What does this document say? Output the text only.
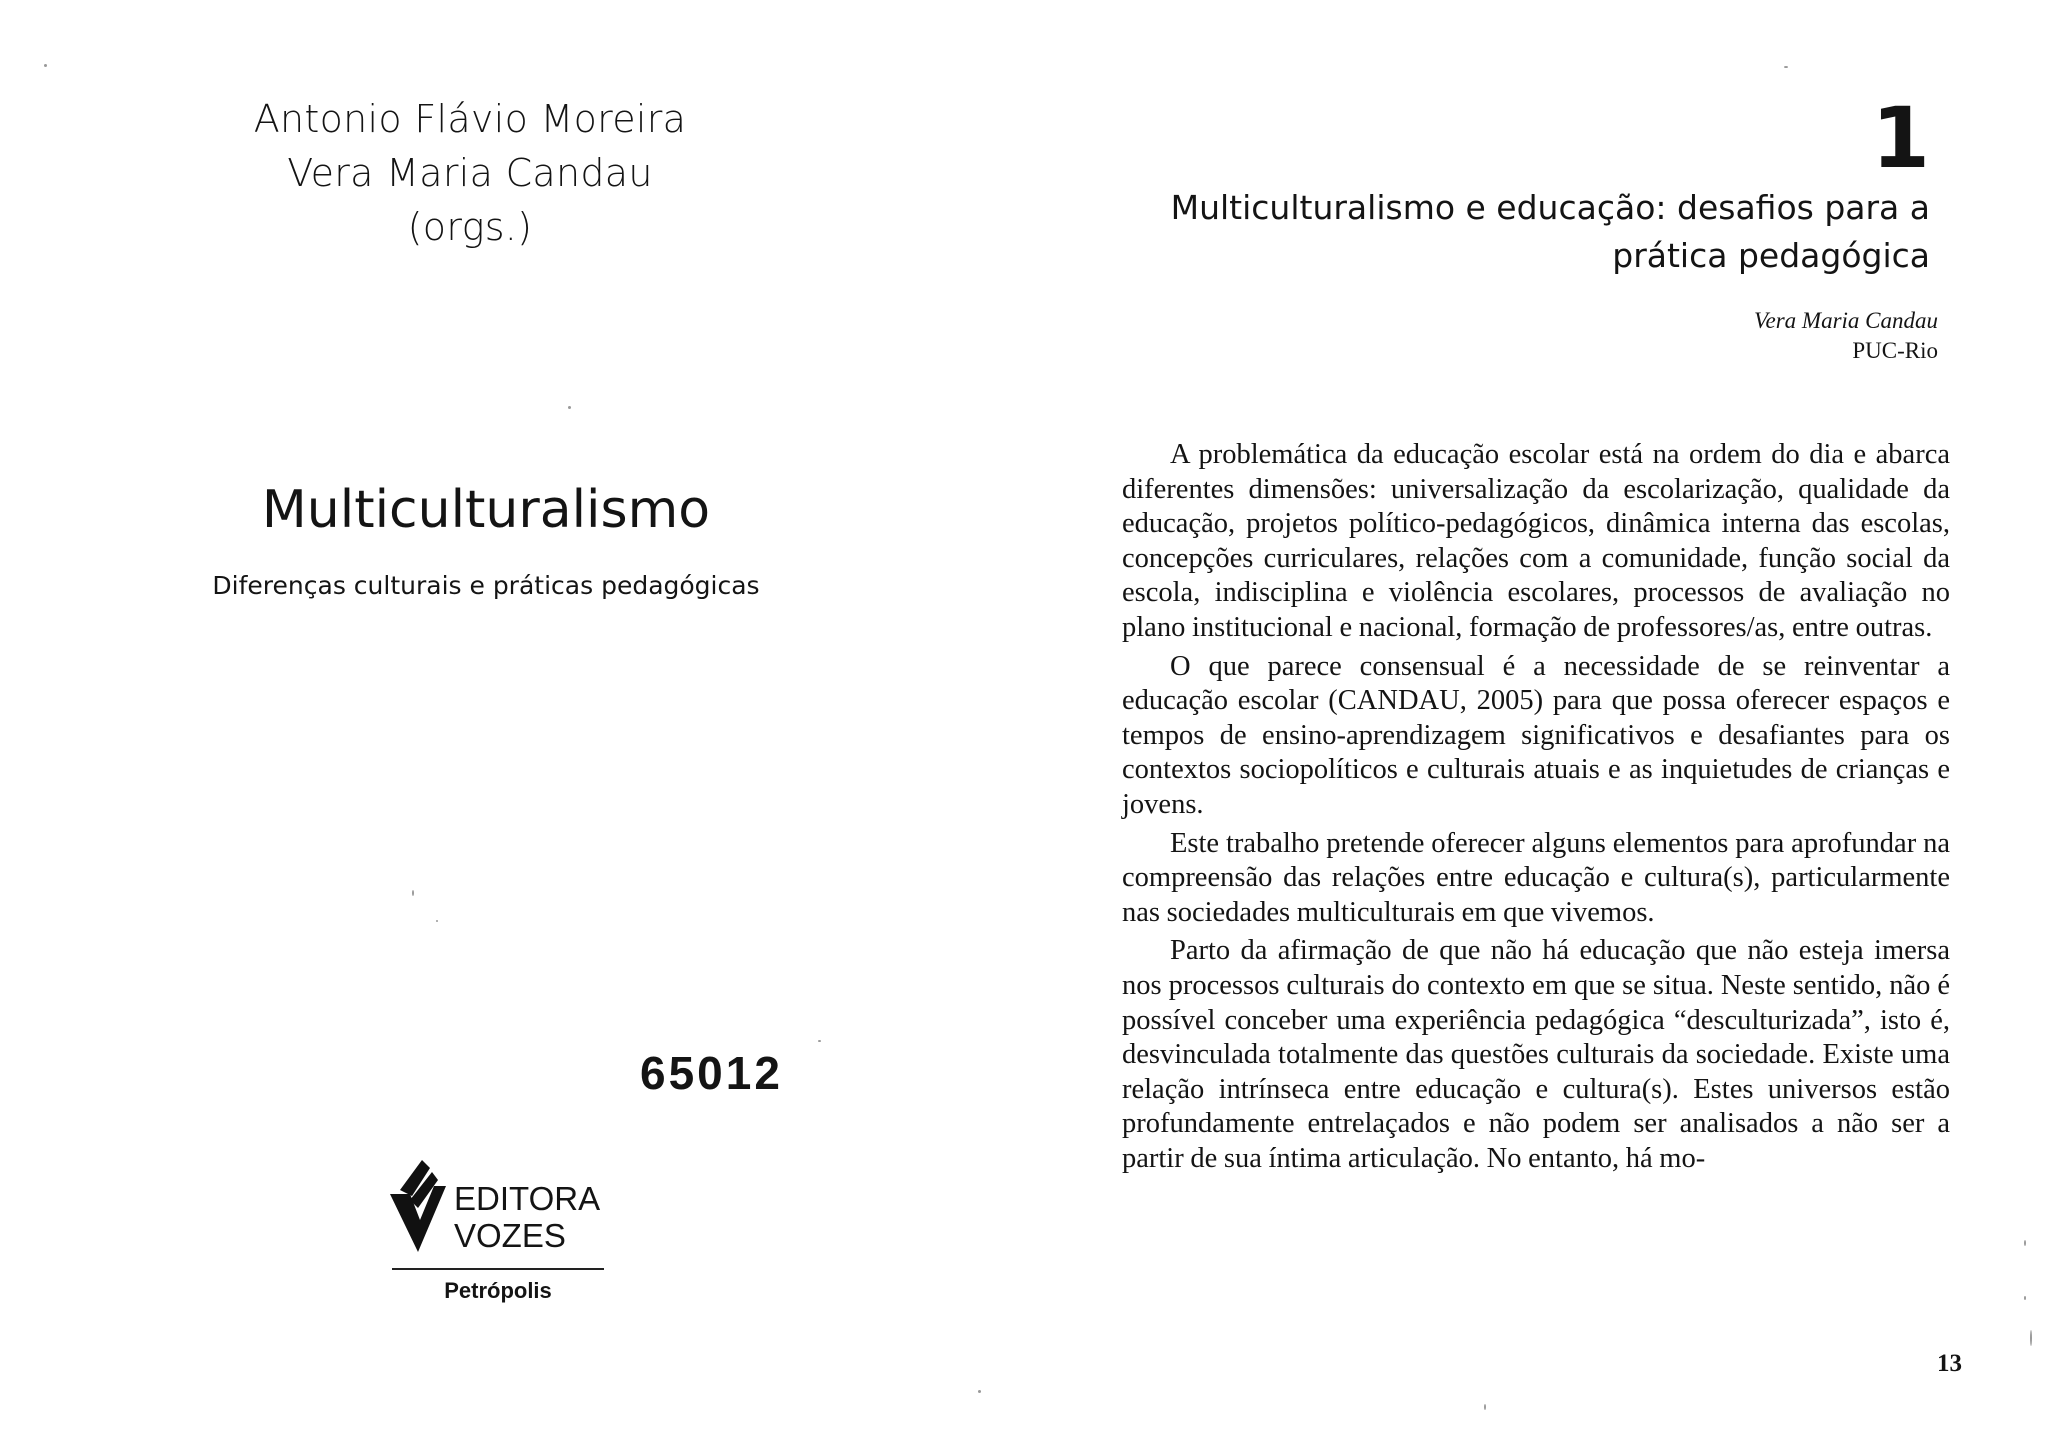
Antonio Flávio Moreira
Vera Maria Candau
(orgs.)
Multiculturalismo
Diferenças culturais e práticas pedagógicas
65012
EDITORA
VOZES
Petrópolis
1
Multiculturalismo e educação: desafios para a prática pedagógica
Vera Maria Candau
PUC-Rio

A problemática da educação escolar está na ordem do dia e abarca diferentes dimensões: universalização da escolarização, qualidade da educação, projetos político-pedagógicos, dinâmica interna das escolas, concepções curriculares, relações com a comunidade, função social da escola, indisciplina e violência escolares, processos de avaliação no plano institucional e nacional, formação de professores/as, entre outras.

O que parece consensual é a necessidade de se reinventar a educação escolar (CANDAU, 2005) para que possa oferecer espaços e tempos de ensino-aprendizagem significativos e desafiantes para os contextos sociopolíticos e culturais atuais e as inquietudes de crianças e jovens.

Este trabalho pretende oferecer alguns elementos para aprofundar na compreensão das relações entre educação e cultura(s), particularmente nas sociedades multiculturais em que vivemos.

Parto da afirmação de que não há educação que não esteja imersa nos processos culturais do contexto em que se situa. Neste sentido, não é possível conceber uma experiência pedagógica “desculturizada”, isto é, desvinculada totalmente das questões culturais da sociedade. Existe uma relação intrínseca entre educação e cultura(s). Estes universos estão profundamente entrelaçados e não podem ser analisados a não ser a partir de sua íntima articulação. No entanto, há mo-

13
